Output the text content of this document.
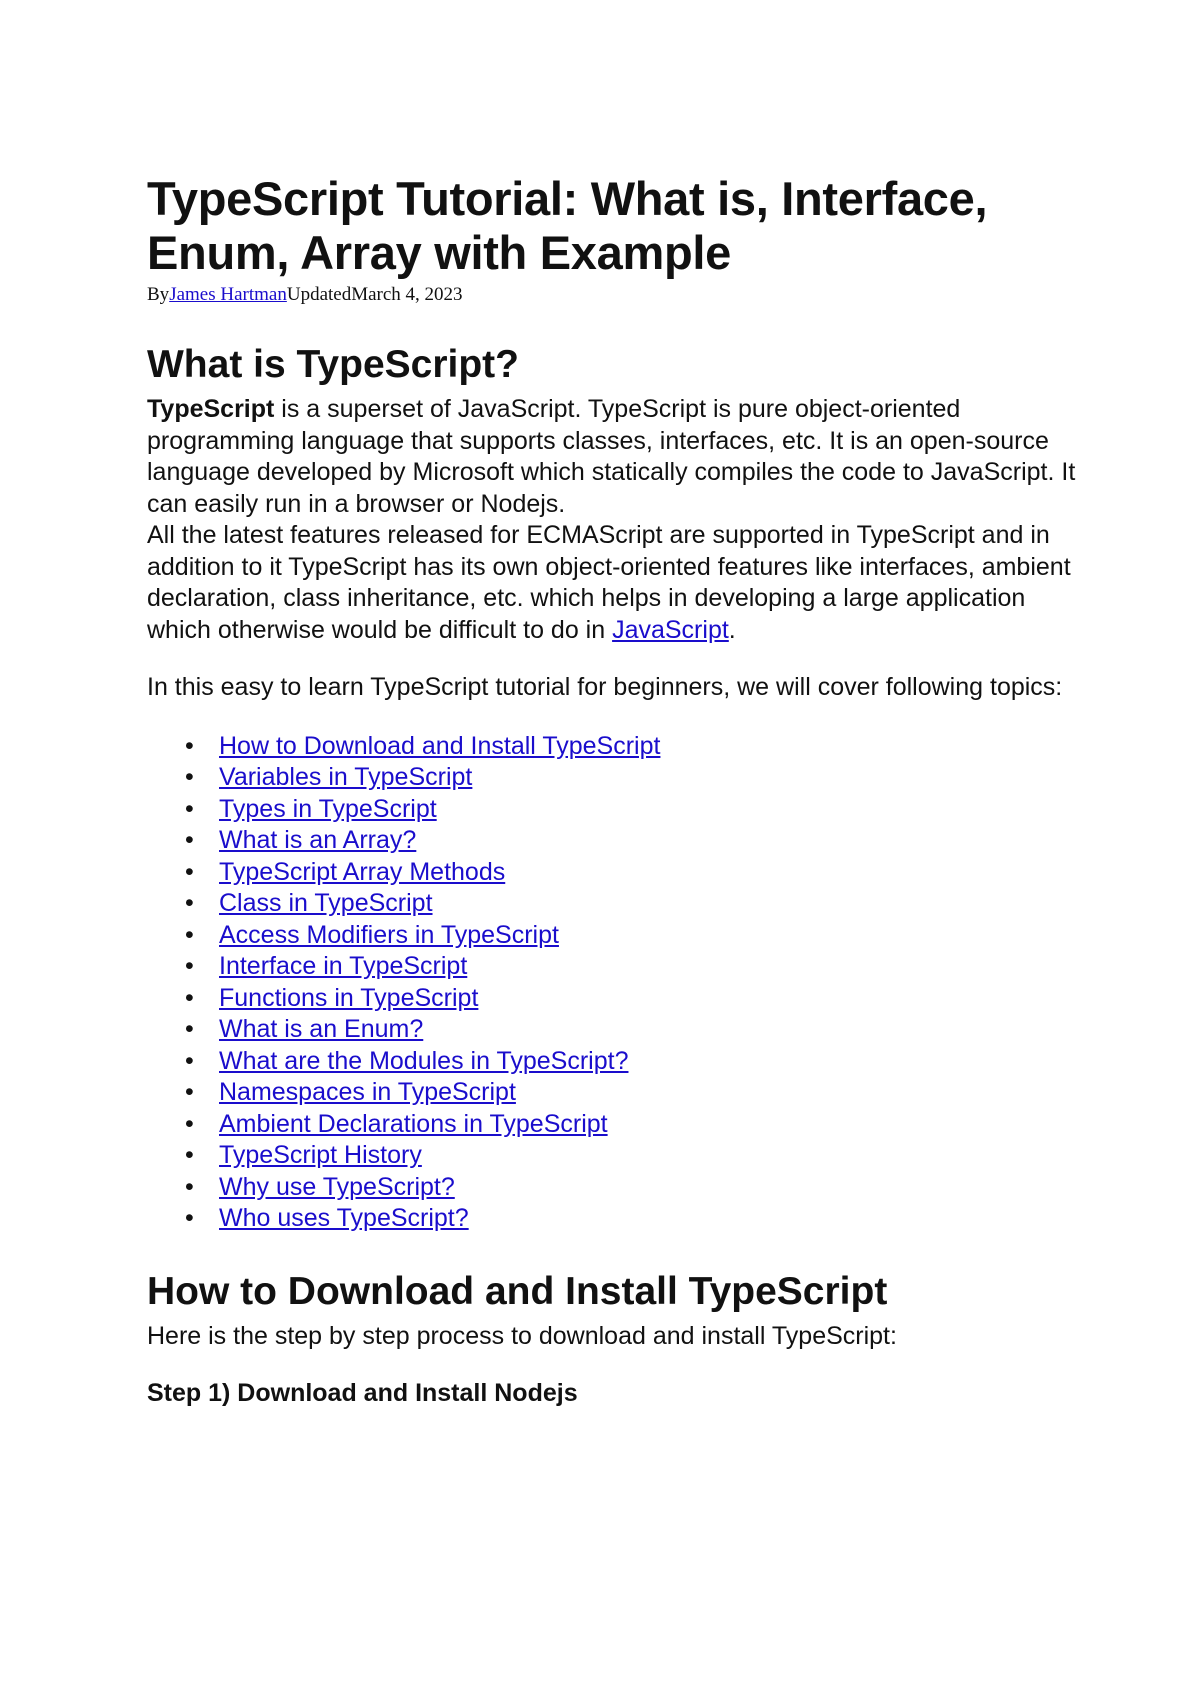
TypeScript Tutorial: What is, Interface,
Enum, Array with Example
ByJames HartmanUpdatedMarch 4, 2023
What is TypeScript?

TypeScript is a superset of JavaScript. TypeScript is pure object-oriented programming language that supports classes, interfaces, etc. It is an open-source language developed by Microsoft which statically compiles the code to JavaScript. It can easily run in a browser or Nodejs.
All the latest features released for ECMAScript are supported in TypeScript and in addition to it TypeScript has its own object-oriented features like interfaces, ambient declaration, class inheritance, etc. which helps in developing a large application which otherwise would be difficult to do in JavaScript.

In this easy to learn TypeScript tutorial for beginners, we will cover following topics:

• How to Download and Install TypeScript
• Variables in TypeScript
• Types in TypeScript
• What is an Array?
• TypeScript Array Methods
• Class in TypeScript
• Access Modifiers in TypeScript
• Interface in TypeScript
• Functions in TypeScript
• What is an Enum?
• What are the Modules in TypeScript?
• Namespaces in TypeScript
• Ambient Declarations in TypeScript
• TypeScript History
• Why use TypeScript?
• Who uses TypeScript?
How to Download and Install TypeScript

Here is the step by step process to download and install TypeScript:

Step 1) Download and Install Nodejs
